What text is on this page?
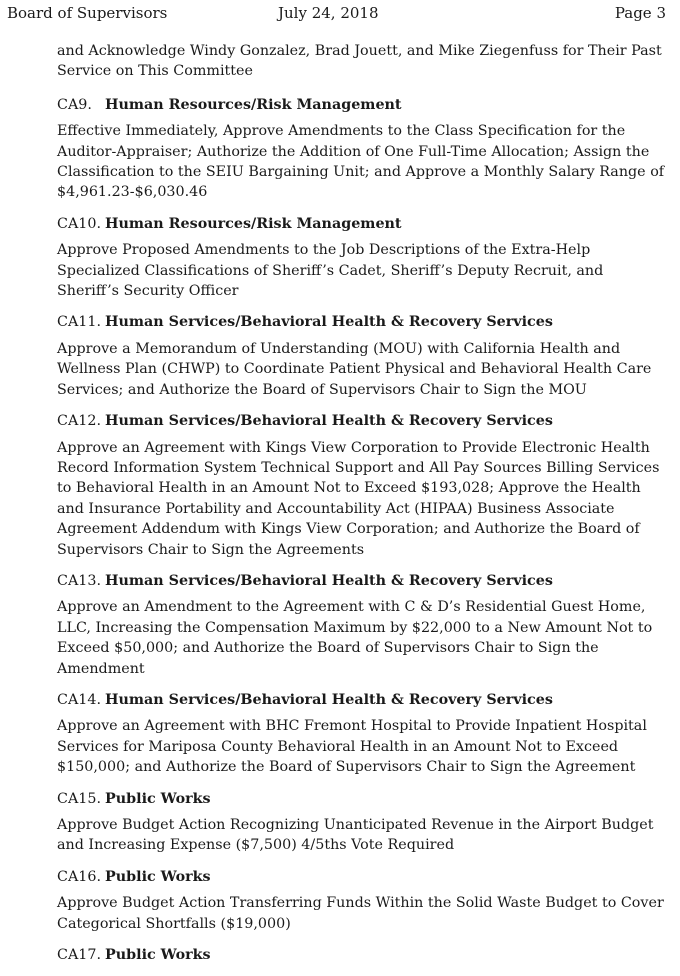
Board of Supervisors	July 24, 2018	Page 3

and Acknowledge Windy Gonzalez, Brad Jouett, and Mike Ziegenfuss for Their Past Service on This Committee

CA9. Human Resources/Risk Management

Effective Immediately, Approve Amendments to the Class Specification for the Auditor-Appraiser; Authorize the Addition of One Full-Time Allocation; Assign the Classification to the SEIU Bargaining Unit; and Approve a Monthly Salary Range of $4,961.23-$6,030.46

CA10. Human Resources/Risk Management

Approve Proposed Amendments to the Job Descriptions of the Extra-Help Specialized Classifications of Sheriff’s Cadet, Sheriff’s Deputy Recruit, and Sheriff’s Security Officer

CA11. Human Services/Behavioral Health & Recovery Services

Approve a Memorandum of Understanding (MOU) with California Health and Wellness Plan (CHWP) to Coordinate Patient Physical and Behavioral Health Care Services; and Authorize the Board of Supervisors Chair to Sign the MOU

CA12. Human Services/Behavioral Health & Recovery Services

Approve an Agreement with Kings View Corporation to Provide Electronic Health Record Information System Technical Support and All Pay Sources Billing Services to Behavioral Health in an Amount Not to Exceed $193,028; Approve the Health and Insurance Portability and Accountability Act (HIPAA) Business Associate Agreement Addendum with Kings View Corporation; and Authorize the Board of Supervisors Chair to Sign the Agreements

CA13. Human Services/Behavioral Health & Recovery Services

Approve an Amendment to the Agreement with C & D’s Residential Guest Home, LLC, Increasing the Compensation Maximum by $22,000 to a New Amount Not to Exceed $50,000; and Authorize the Board of Supervisors Chair to Sign the Amendment

CA14. Human Services/Behavioral Health & Recovery Services

Approve an Agreement with BHC Fremont Hospital to Provide Inpatient Hospital Services for Mariposa County Behavioral Health in an Amount Not to Exceed $150,000; and Authorize the Board of Supervisors Chair to Sign the Agreement

CA15. Public Works

Approve Budget Action Recognizing Unanticipated Revenue in the Airport Budget and Increasing Expense ($7,500) 4/5ths Vote Required

CA16. Public Works

Approve Budget Action Transferring Funds Within the Solid Waste Budget to Cover Categorical Shortfalls ($19,000)

CA17. Public Works
